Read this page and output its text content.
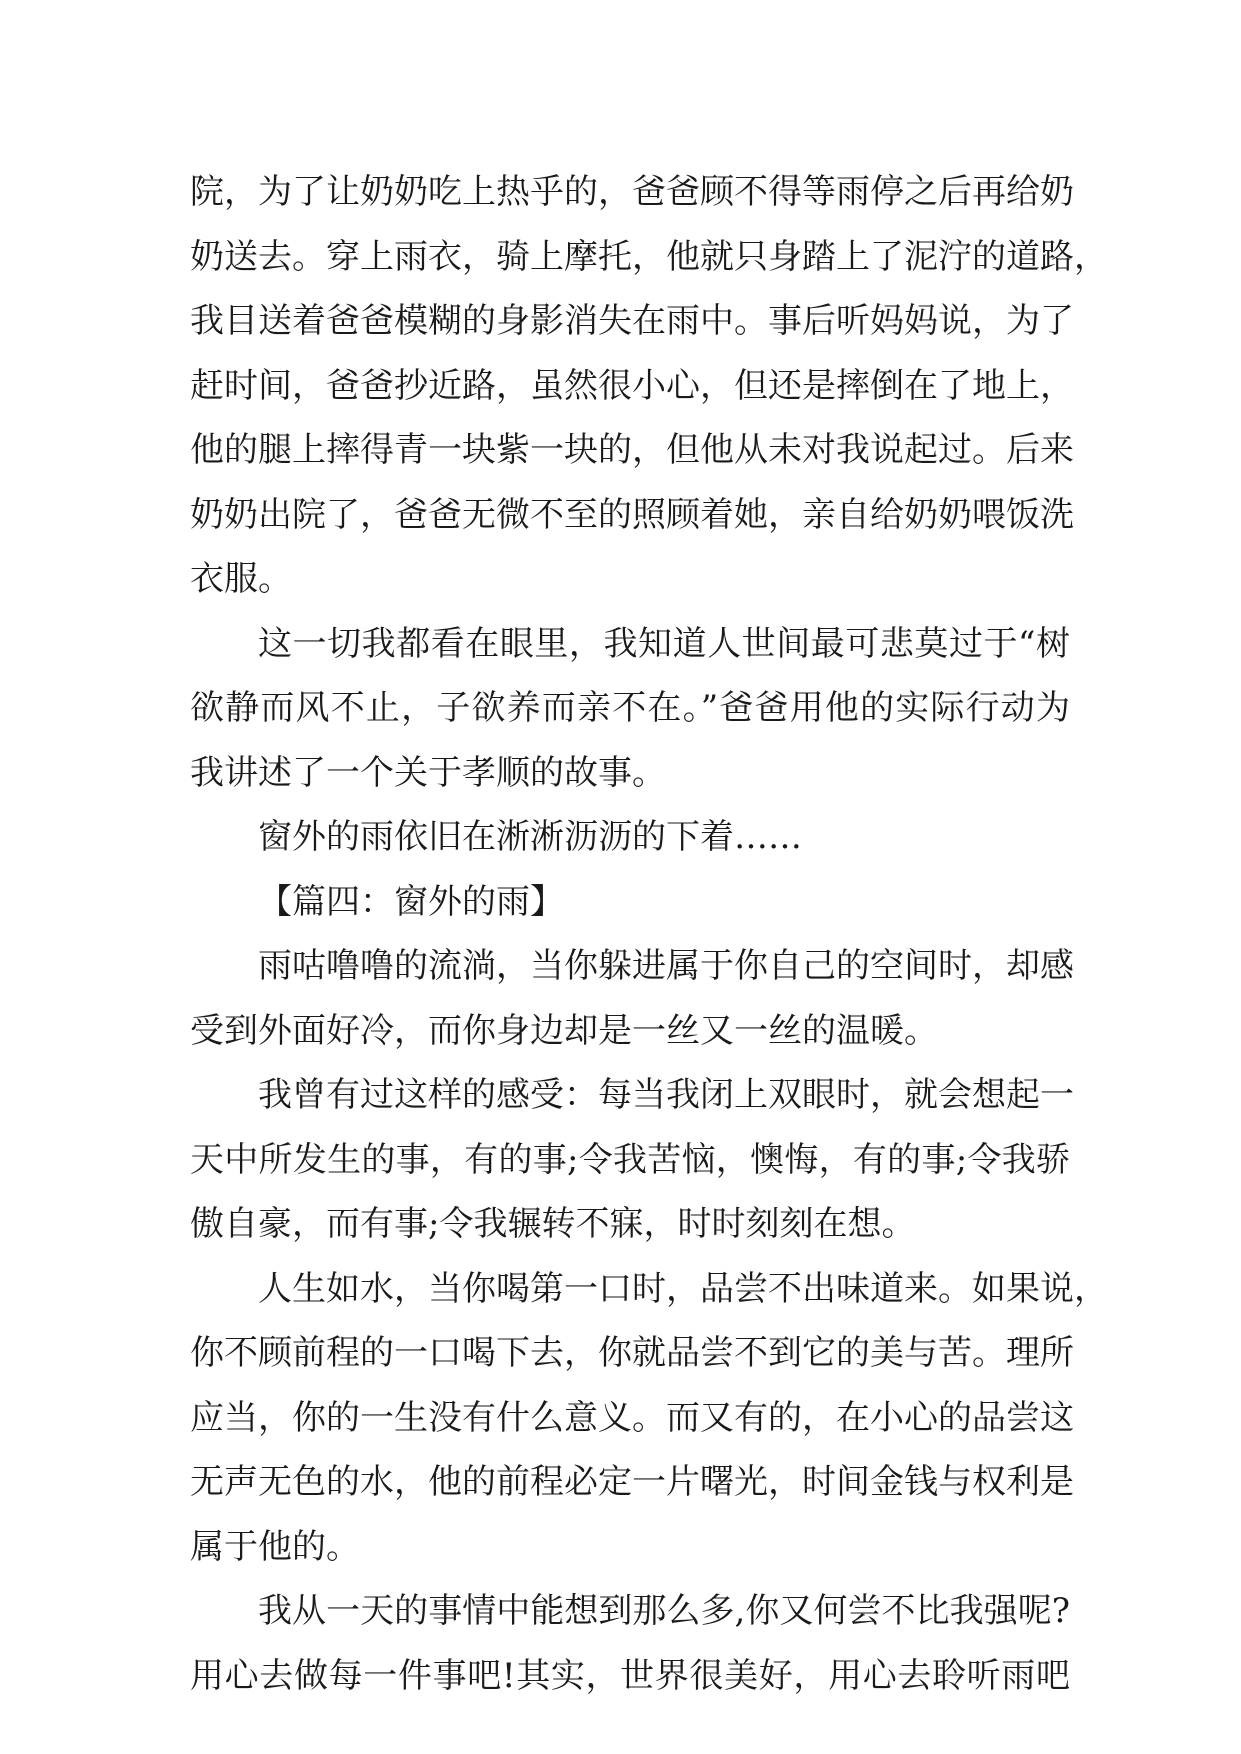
院，为了让奶奶吃上热乎的，爸爸顾不得等雨停之后再给奶
奶送去。穿上雨衣，骑上摩托，他就只身踏上了泥泞的道路，
我目送着爸爸模糊的身影消失在雨中。事后听妈妈说，为了
赶时间，爸爸抄近路，虽然很小心，但还是摔倒在了地上，
他的腿上摔得青一块紫一块的，但他从未对我说起过。后来
奶奶出院了，爸爸无微不至的照顾着她，亲自给奶奶喂饭洗
衣服。
这一切我都看在眼里，我知道人世间最可悲莫过于“树
欲静而风不止，子欲养而亲不在。”爸爸用他的实际行动为
我讲述了一个关于孝顺的故事。
窗外的雨依旧在淅淅沥沥的下着……
【篇四：窗外的雨】
雨咕噜噜的流淌，当你躲进属于你自己的空间时，却感
受到外面好冷，而你身边却是一丝又一丝的温暖。
我曾有过这样的感受：每当我闭上双眼时，就会想起一
天中所发生的事，有的事;令我苦恼，懊悔，有的事;令我骄
傲自豪，而有事;令我辗转不寐，时时刻刻在想。
人生如水，当你喝第一口时，品尝不出味道来。如果说，
你不顾前程的一口喝下去，你就品尝不到它的美与苦。理所
应当，你的一生没有什么意义。而又有的，在小心的品尝这
无声无色的水，他的前程必定一片曙光，时间金钱与权利是
属于他的。
我从一天的事情中能想到那么多,你又何尝不比我强呢?
用心去做每一件事吧!其实，世界很美好，用心去聆听雨吧
